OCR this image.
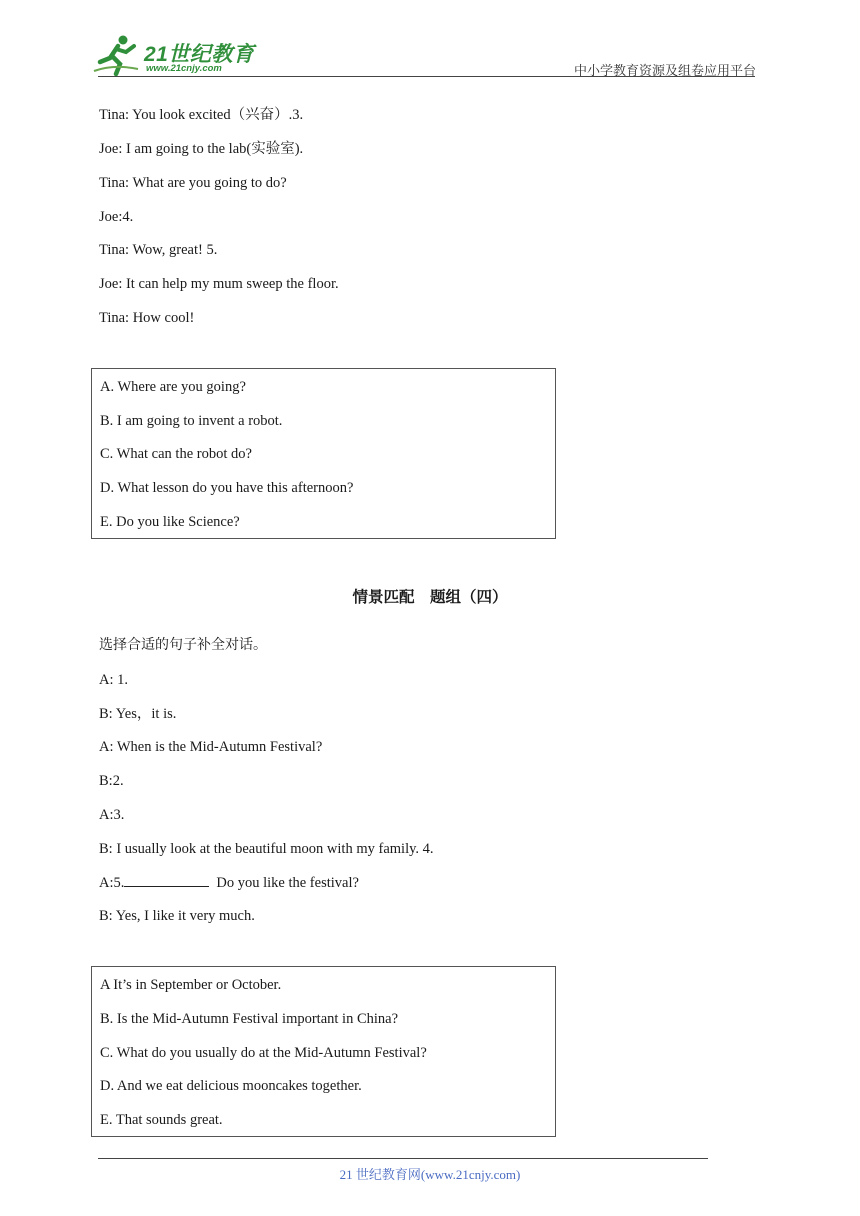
21世纪教育
www.21cnjy.com	中小学教育资源及组卷应用平台
Tina: You look excited（兴奋）.3.
Joe: I am going to the lab(实验室).
Tina: What are you going to do?
Joe:4.
Tina: Wow, great! 5.
Joe: It can help my mum sweep the floor.
Tina: How cool!
A. Where are you going?
B. I am going to invent a robot.
C. What can the robot do?
D. What lesson do you have this afternoon?
E. Do you like Science?
情景匹配　题组（四）
选择合适的句子补全对话。
A: 1.
B: Yes，it is.
A: When is the Mid-Autumn Festival?
B:2.
A:3.
B: I usually look at the beautiful moon with my family. 4.
A:5.	Do you like the festival?
B: Yes, I like it very much.
A It’s in September or October.
B. Is the Mid-Autumn Festival important in China?
C. What do you usually do at the Mid-Autumn Festival?
D. And we eat delicious mooncakes together.
E. That sounds great.
21 世纪教育网(www.21cnjy.com)
